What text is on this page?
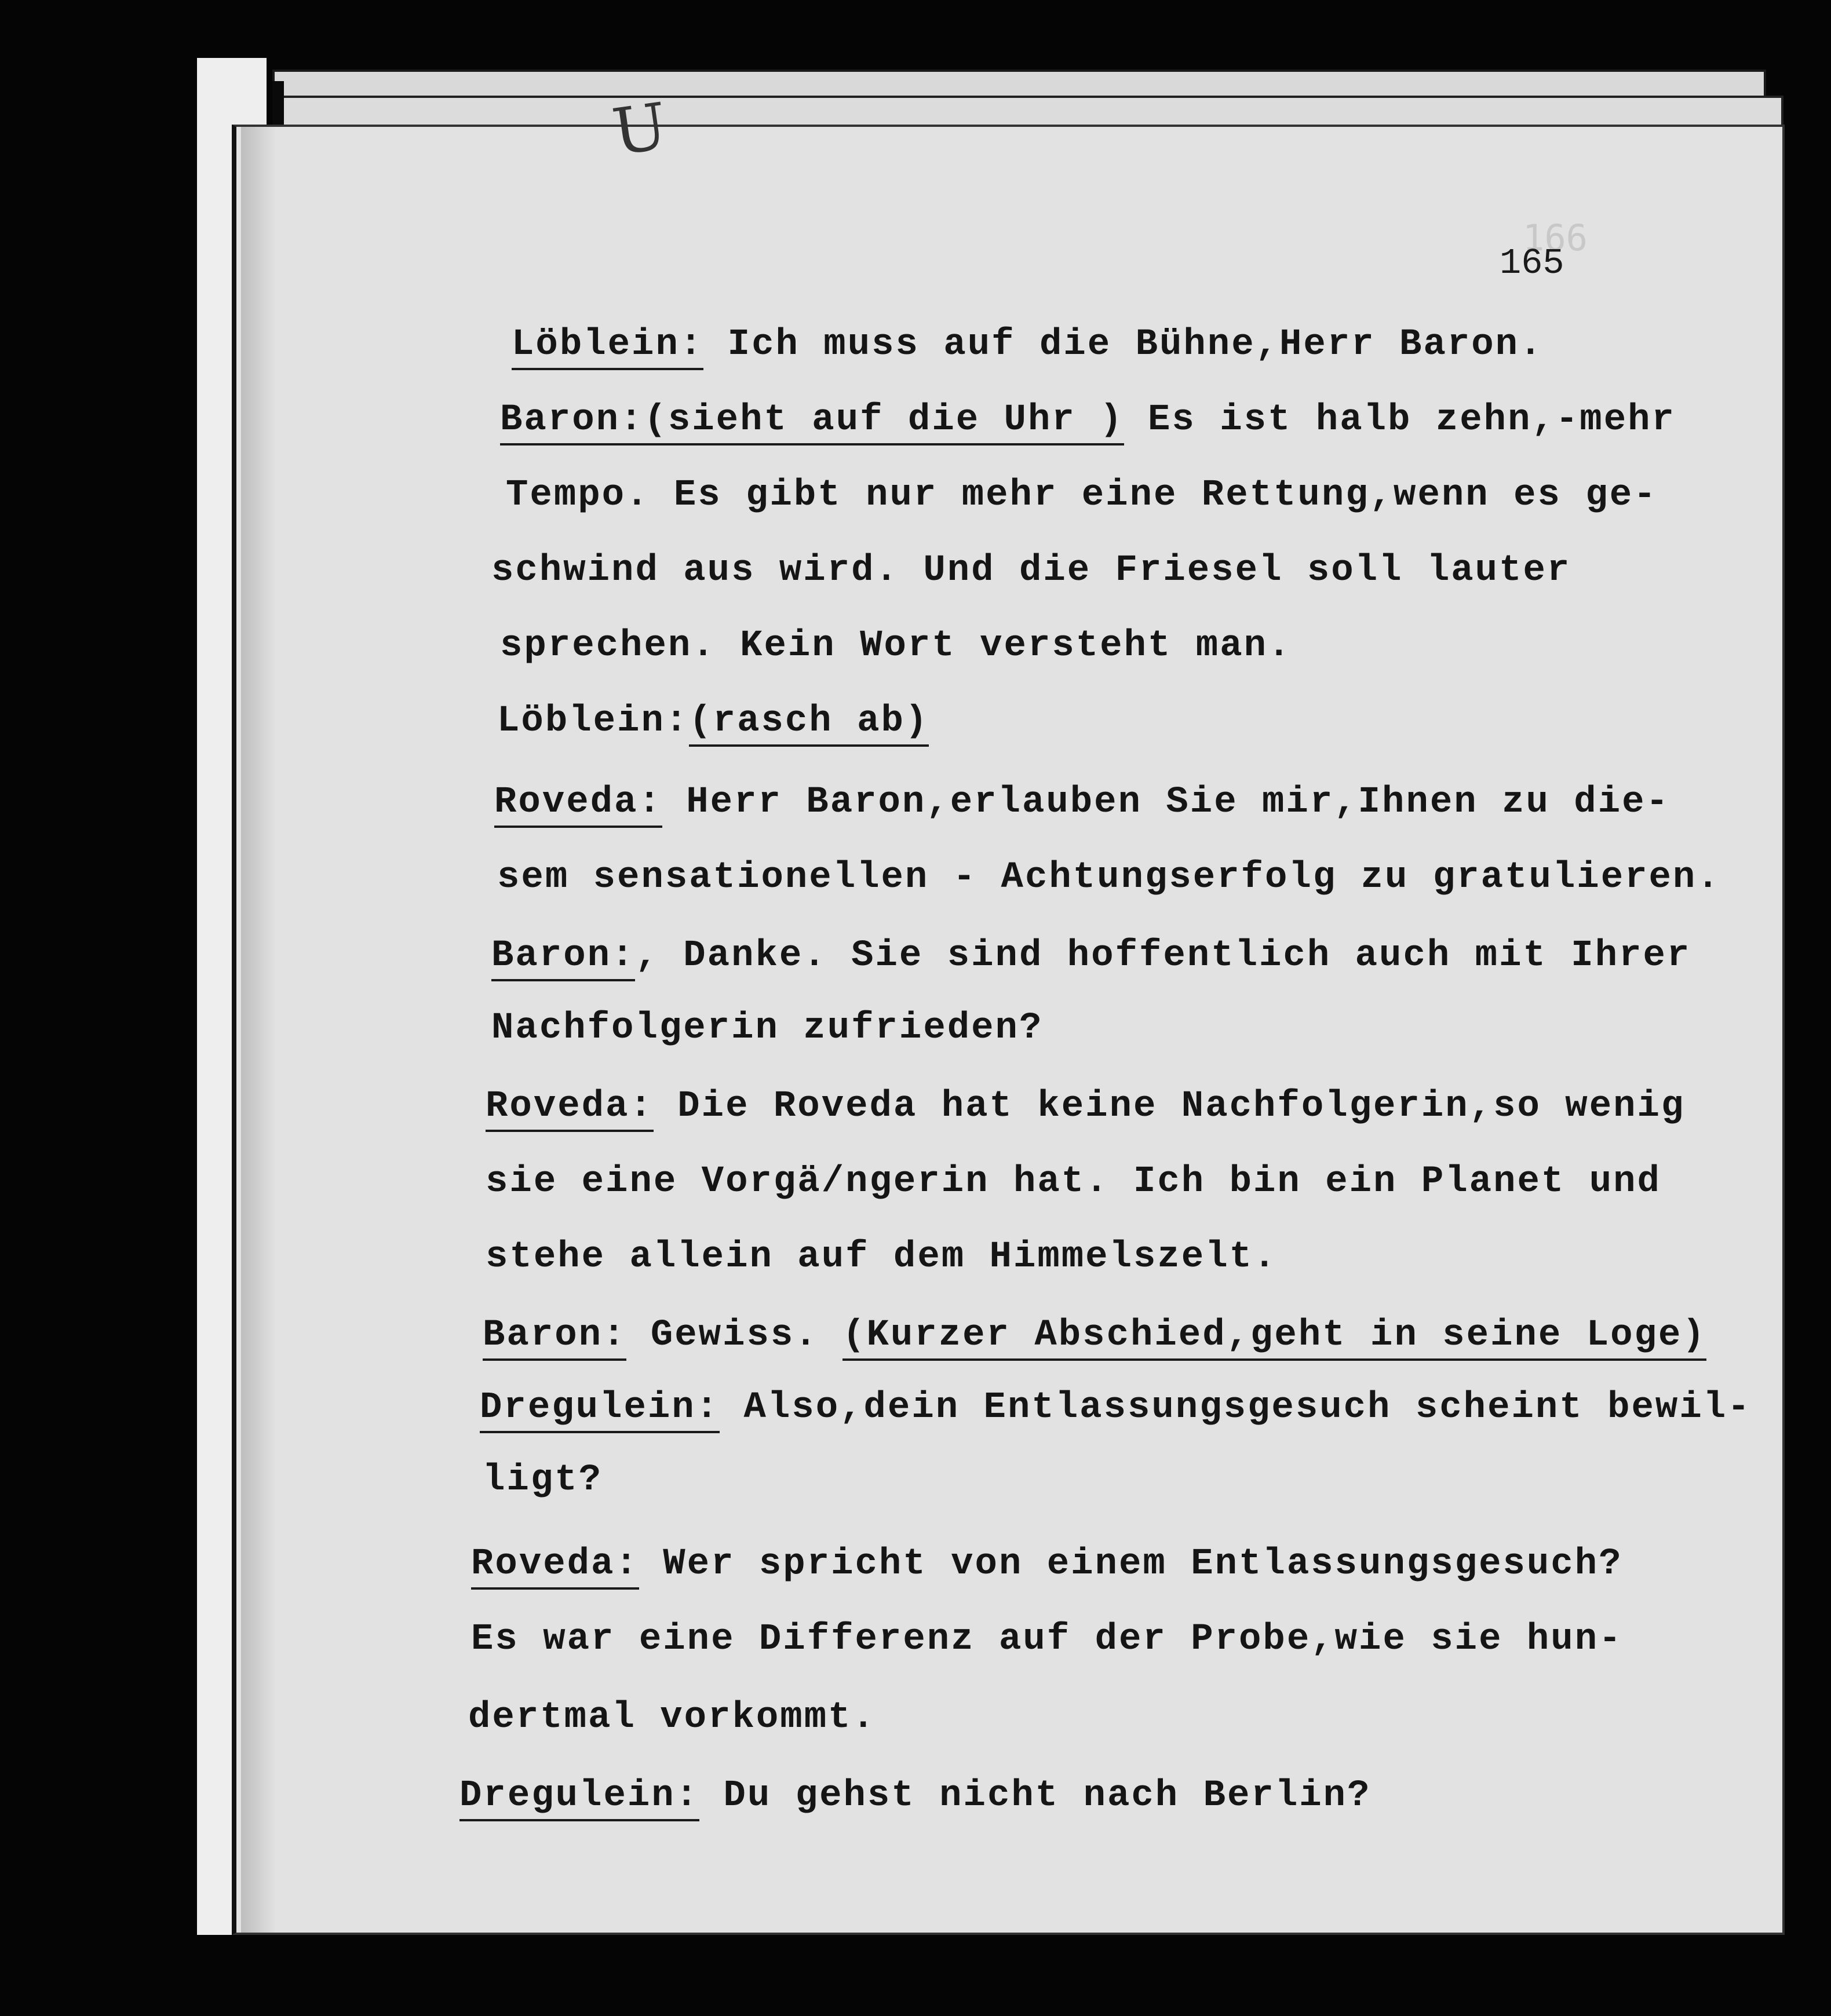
U
166
165
Löblein: Ich muss auf die Bühne,Herr Baron.
Baron:(sieht auf die Uhr ) Es ist halb zehn,-mehr
Tempo. Es gibt nur mehr eine Rettung,wenn es ge-
schwind aus wird. Und die Friesel soll lauter
sprechen. Kein Wort versteht man.
Löblein:(rasch ab)
Roveda: Herr Baron,erlauben Sie mir,Ihnen zu die-
sem sensationellen - Achtungserfolg zu gratulieren.
Baron:, Danke. Sie sind hoffentlich auch mit Ihrer
Nachfolgerin zufrieden?
Roveda: Die Roveda hat keine Nachfolgerin,so wenig
sie eine Vorgä/ngerin hat. Ich bin ein Planet und
stehe allein auf dem Himmelszelt.
Baron: Gewiss. (Kurzer Abschied,geht in seine Loge)
Dregulein: Also,dein Entlassungsgesuch scheint bewil-
ligt?
Roveda: Wer spricht von einem Entlassungsgesuch?
Es war eine Differenz auf der Probe,wie sie hun-
dertmal vorkommt.
Dregulein: Du gehst nicht nach Berlin?
